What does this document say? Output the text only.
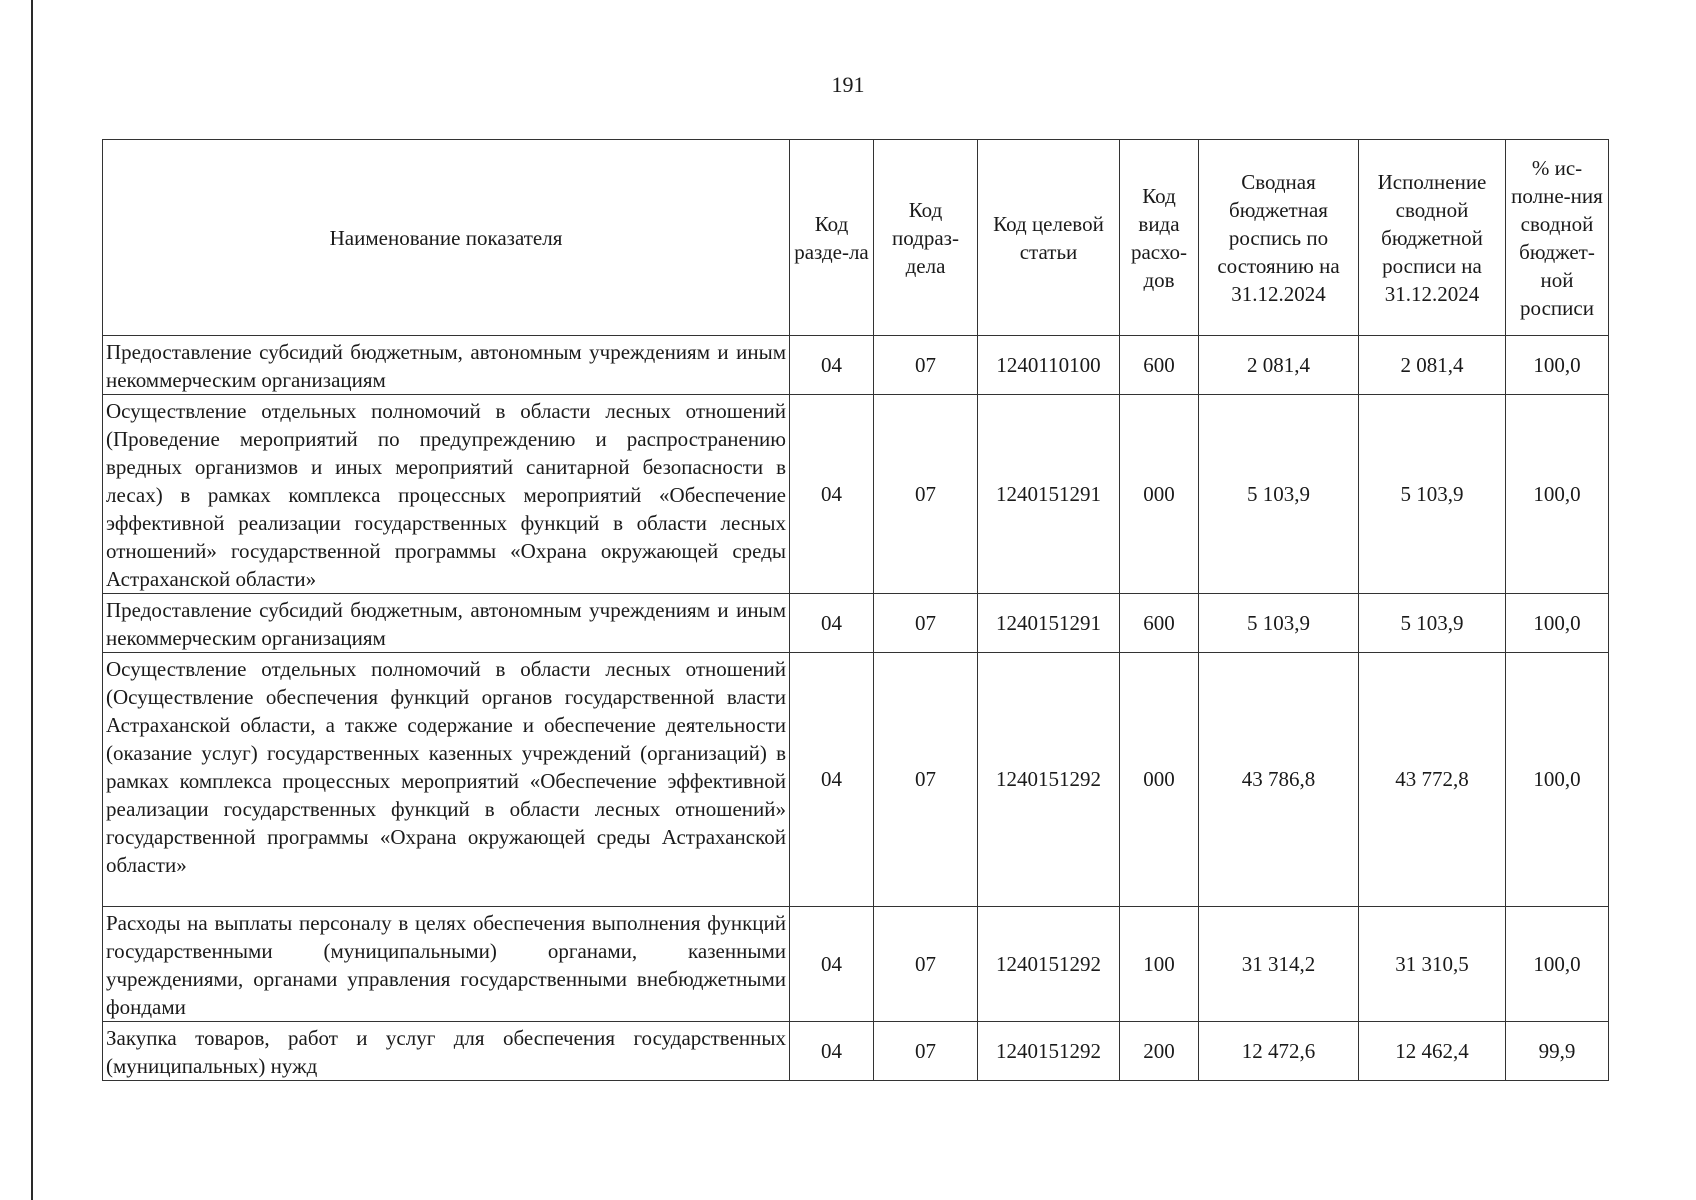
191
Наименование показателя	Код разде-ла	Код подраз-дела	Код целевой статьи	Код вида расхо-дов	Сводная бюджетная роспись по состоянию на 31.12.2024	Исполнение сводной бюджетной росписи на 31.12.2024	% ис-полне-ния сводной бюджет-ной росписи
Предоставление субсидий бюджетным, автономным учреждениям и иным некоммерческим организациям	04	07	1240110100	600	2 081,4	2 081,4	100,0
Осуществление отдельных полномочий в области лесных отношений (Проведение мероприятий по предупреждению и распространению вредных организмов и иных мероприятий санитарной безопасности в лесах) в рамках комплекса процессных мероприятий «Обеспечение эффективной реализации государственных функций в области лесных отношений» государственной программы «Охрана окружающей среды Астраханской области»	04	07	1240151291	000	5 103,9	5 103,9	100,0
Предоставление субсидий бюджетным, автономным учреждениям и иным некоммерческим организациям	04	07	1240151291	600	5 103,9	5 103,9	100,0
Осуществление отдельных полномочий в области лесных отношений (Осуществление обеспечения функций органов государственной власти Астраханской области, а также содержание и обеспечение деятельности (оказание услуг) государственных казенных учреждений (организаций) в рамках комплекса процессных мероприятий «Обеспечение эффективной реализации государственных функций в области лесных отношений» государственной программы «Охрана окружающей среды Астраханской области»	04	07	1240151292	000	43 786,8	43 772,8	100,0
Расходы на выплаты персоналу в целях обеспечения выполнения функций государственными (муниципальными) органами, казенными учреждениями, органами управления государственными внебюджетными фондами	04	07	1240151292	100	31 314,2	31 310,5	100,0
Закупка товаров, работ и услуг для обеспечения государственных (муниципальных) нужд	04	07	1240151292	200	12 472,6	12 462,4	99,9
